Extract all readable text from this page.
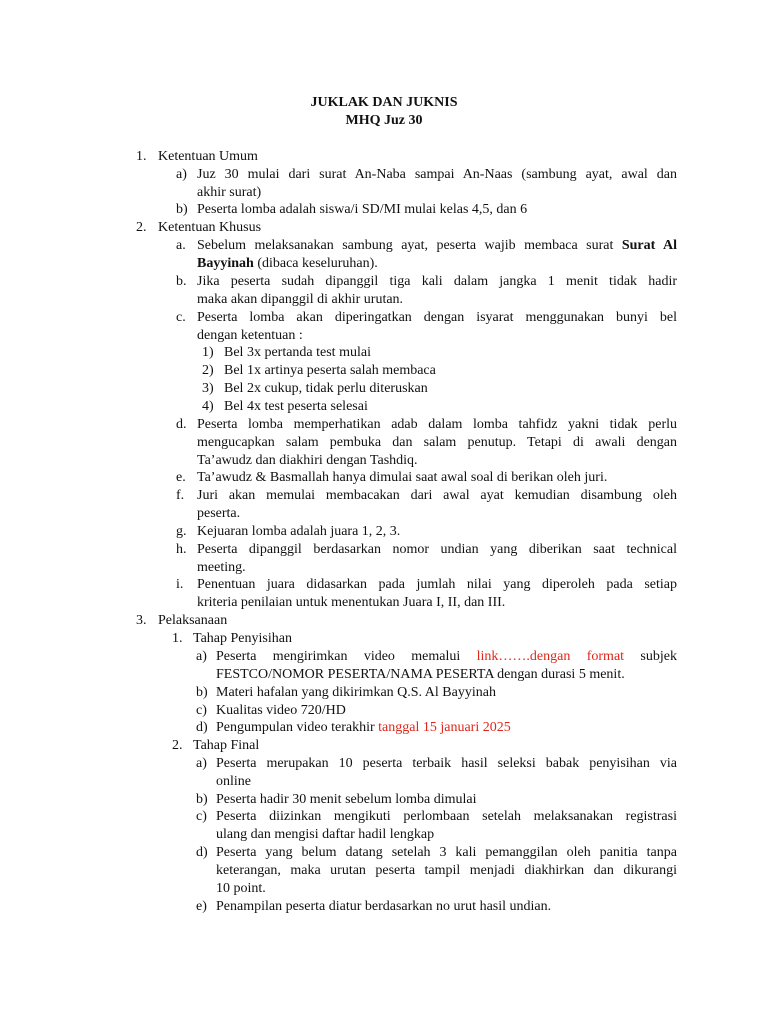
JUKLAK DAN JUKNIS
MHQ Juz 30
1. Ketentuan Umum
a) Juz 30 mulai dari surat An-Naba sampai An-Naas (sambung ayat, awal dan
akhir surat)
b) Peserta lomba adalah siswa/i SD/MI mulai kelas 4,5, dan 6
2. Ketentuan Khusus
a. Sebelum melaksanakan sambung ayat, peserta wajib membaca surat Surat Al
Bayyinah (dibaca keseluruhan).
b. Jika peserta sudah dipanggil tiga kali dalam jangka 1 menit tidak hadir
maka akan dipanggil di akhir urutan.
c. Peserta lomba akan diperingatkan dengan isyarat menggunakan bunyi bel
dengan ketentuan :
1) Bel 3x pertanda test mulai
2) Bel 1x artinya peserta salah membaca
3) Bel 2x cukup, tidak perlu diteruskan
4) Bel 4x test peserta selesai
d. Peserta lomba memperhatikan adab dalam lomba tahfidz yakni tidak perlu
mengucapkan salam pembuka dan salam penutup. Tetapi di awali dengan
Ta’awudz dan diakhiri dengan Tashdiq.
e. Ta’awudz & Basmallah hanya dimulai saat awal soal di berikan oleh juri.
f. Juri akan memulai membacakan dari awal ayat kemudian disambung oleh
peserta.
g. Kejuaran lomba adalah juara 1, 2, 3.
h. Peserta dipanggil berdasarkan nomor undian yang diberikan saat technical
meeting.
i. Penentuan juara didasarkan pada jumlah nilai yang diperoleh pada setiap
kriteria penilaian untuk menentukan Juara I, II, dan III.
3. Pelaksanaan
1. Tahap Penyisihan
a) Peserta mengirimkan video memalui link…….dengan format subjek
FESTCO/NOMOR PESERTA/NAMA PESERTA dengan durasi 5 menit.
b) Materi hafalan yang dikirimkan Q.S. Al Bayyinah
c) Kualitas video 720/HD
d) Pengumpulan video terakhir tanggal 15 januari 2025
2. Tahap Final
a) Peserta merupakan 10 peserta terbaik hasil seleksi babak penyisihan via
online
b) Peserta hadir 30 menit sebelum lomba dimulai
c) Peserta diizinkan mengikuti perlombaan setelah melaksanakan registrasi
ulang dan mengisi daftar hadil lengkap
d) Peserta yang belum datang setelah 3 kali pemanggilan oleh panitia tanpa
keterangan, maka urutan peserta tampil menjadi diakhirkan dan dikurangi
10 point.
e) Penampilan peserta diatur berdasarkan no urut hasil undian.
